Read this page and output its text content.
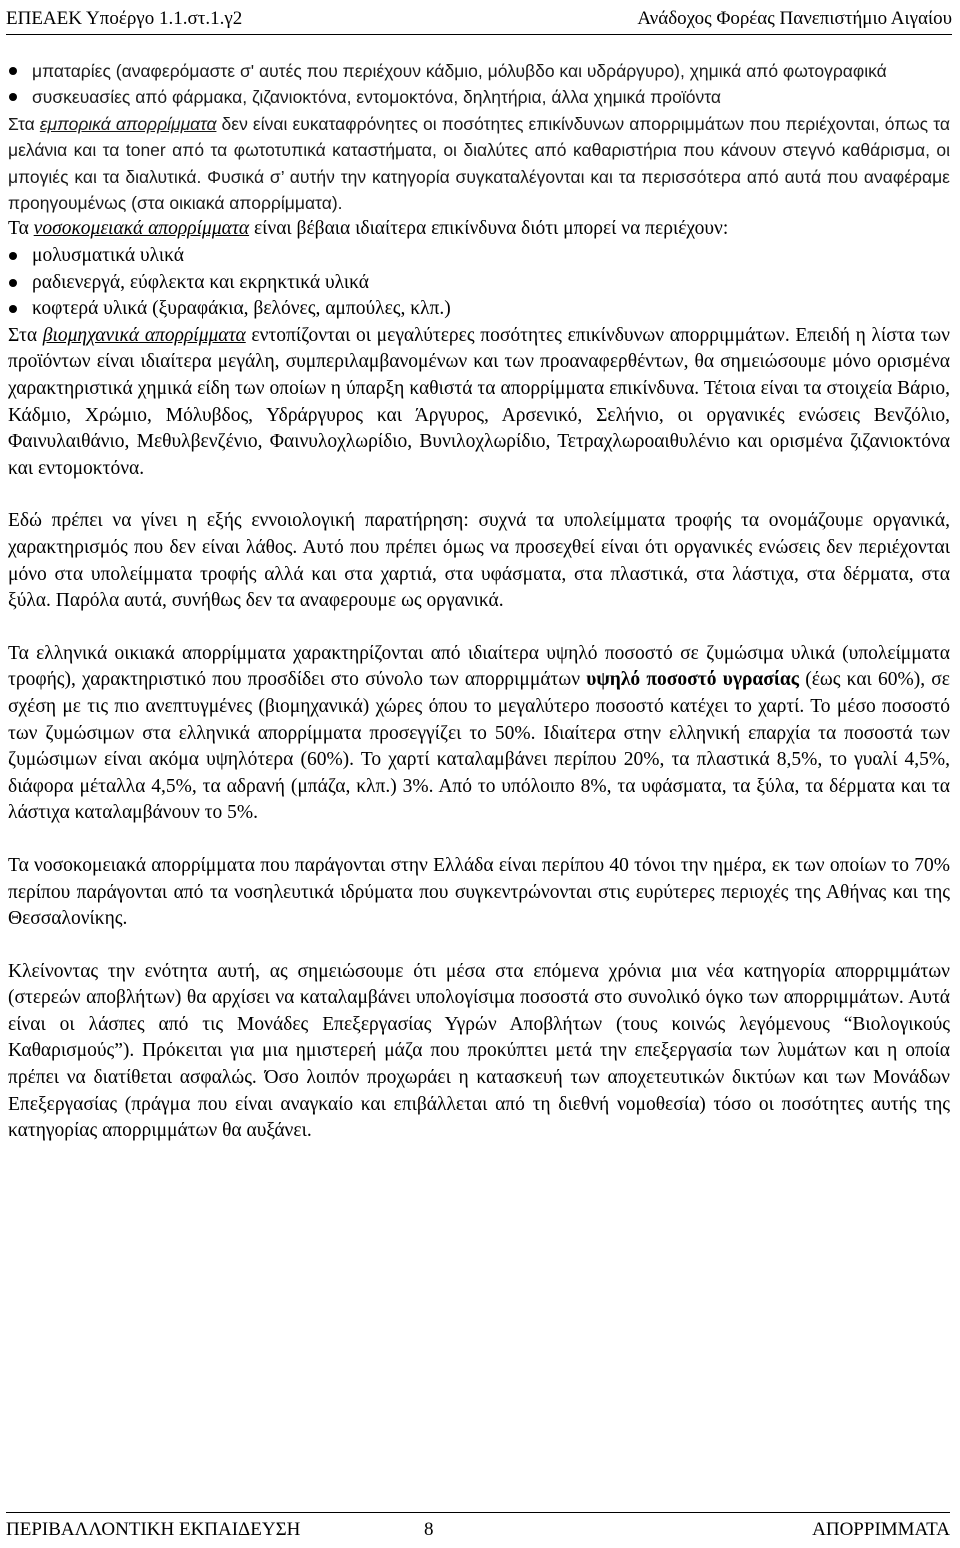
ΕΠΕΑΕΚ Υποέργο 1.1.στ.1.γ2	Ανάδοχος Φορέας Πανεπιστήμιο Αιγαίου
μπαταρίες (αναφερόμαστε σ' αυτές που περιέχουν κάδμιο, μόλυβδο και υδράργυρο), χημικά από φωτογραφικά
συσκευασίες από φάρμακα, ζιζανιοκτόνα, εντομοκτόνα, δηλητήρια, άλλα χημικά προϊόντα

Στα εμπορικά απορρίμματα δεν είναι ευκαταφρόνητες οι ποσότητες επικίνδυνων απορριμμάτων που περιέχονται, όπως τα μελάνια και τα toner από τα φωτοτυπικά καταστήματα, οι διαλύτες από καθαριστήρια που κάνουν στεγνό καθάρισμα, οι μπογιές και τα διαλυτικά. Φυσικά σ’ αυτήν την κατηγορία συγκαταλέγονται και τα περισσότερα από αυτά που αναφέραμε προηγουμένως (στα οικιακά απορρίμματα).

Τα νοσοκομειακά απορρίμματα είναι βέβαια ιδιαίτερα επικίνδυνα διότι μπορεί να περιέχουν:

μολυσματικά υλικά
ραδιενεργά, εύφλεκτα και εκρηκτικά υλικά
κοφτερά υλικά (ξυραφάκια, βελόνες, αμπούλες, κλπ.)

Στα βιομηχανικά απορρίμματα εντοπίζονται οι μεγαλύτερες ποσότητες επικίνδυνων απορριμμάτων. Επειδή η λίστα των προϊόντων είναι ιδιαίτερα μεγάλη, συμπεριλαμβανομένων και των προαναφερθέντων, θα σημειώσουμε μόνο ορισμένα χαρακτηριστικά χημικά είδη των οποίων η ύπαρξη καθιστά τα απορρίμματα επικίνδυνα. Τέτοια είναι τα στοιχεία Βάριο, Κάδμιο, Χρώμιο, Μόλυβδος, Υδράργυρος και Άργυρος, Αρσενικό, Σελήνιο, οι οργανικές ενώσεις Βενζόλιο, Φαινυλαιθάνιο, Μεθυλβενζένιο, Φαινυλοχλωρίδιο, Βυνιλοχλωρίδιο, Τετραχλωροαιθυλένιο και ορισμένα ζιζανιοκτόνα και εντομοκτόνα.

Εδώ πρέπει να γίνει η εξής εννοιολογική παρατήρηση: συχνά τα υπολείμματα τροφής τα ονομάζουμε οργανικά, χαρακτηρισμός που δεν είναι λάθος. Αυτό που πρέπει όμως να προσεχθεί είναι ότι οργανικές ενώσεις δεν περιέχονται μόνο στα υπολείμματα τροφής αλλά και στα χαρτιά, στα υφάσματα, στα πλαστικά, στα λάστιχα, στα δέρματα, στα ξύλα. Παρόλα αυτά, συνήθως δεν τα αναφερουμε ως οργανικά.

Τα ελληνικά οικιακά απορρίμματα χαρακτηρίζονται από ιδιαίτερα υψηλό ποσοστό σε ζυμώσιμα υλικά (υπολείμματα τροφής), χαρακτηριστικό που προσδίδει στο σύνολο των απορριμμάτων υψηλό ποσοστό υγρασίας (έως και 60%), σε σχέση με τις πιο ανεπτυγμένες (βιομηχανικά) χώρες όπου το μεγαλύτερο ποσοστό κατέχει το χαρτί. Το μέσο ποσοστό των ζυμώσιμων στα ελληνικά απορρίμματα προσεγγίζει το 50%. Ιδιαίτερα στην ελληνική επαρχία τα ποσοστά των ζυμώσιμων είναι ακόμα υψηλότερα (60%). Το χαρτί καταλαμβάνει περίπου 20%, τα πλαστικά 8,5%, το γυαλί 4,5%, διάφορα μέταλλα 4,5%, τα αδρανή (μπάζα, κλπ.) 3%. Από το υπόλοιπο 8%, τα υφάσματα, τα ξύλα, τα δέρματα και τα λάστιχα καταλαμβάνουν το 5%.

Τα νοσοκομειακά απορρίμματα που παράγονται στην Ελλάδα είναι περίπου 40 τόνοι την ημέρα, εκ των οποίων το 70% περίπου παράγονται από τα νοσηλευτικά ιδρύματα που συγκεντρώνονται στις ευρύτερες περιοχές της Αθήνας και της Θεσσαλονίκης.

Κλείνοντας την ενότητα αυτή, ας σημειώσουμε ότι μέσα στα επόμενα χρόνια μια νέα κατηγορία απορριμμάτων (στερεών αποβλήτων) θα αρχίσει να καταλαμβάνει υπολογίσιμα ποσοστά στο συνολικό όγκο των απορριμμάτων. Αυτά είναι οι λάσπες από τις Μονάδες Επεξεργασίας Υγρών Αποβλήτων (τους κοινώς λεγόμενους “Βιολογικούς Καθαρισμούς”). Πρόκειται για μια ημιστερεή μάζα που προκύπτει μετά την επεξεργασία των λυμάτων και η οποία πρέπει να διατίθεται ασφαλώς. Όσο λοιπόν προχωράει η κατασκευή των αποχετευτικών δικτύων και των Μονάδων Επεξεργασίας (πράγμα που είναι αναγκαίο και επιβάλλεται από τη διεθνή νομοθεσία) τόσο οι ποσότητες αυτής της κατηγορίας απορριμμάτων θα αυξάνει.

ΠΕΡΙΒΑΛΛΟΝΤΙΚΗ ΕΚΠΑΙΔΕΥΣΗ	8	ΑΠΟΡΡΙΜΜΑΤΑ
